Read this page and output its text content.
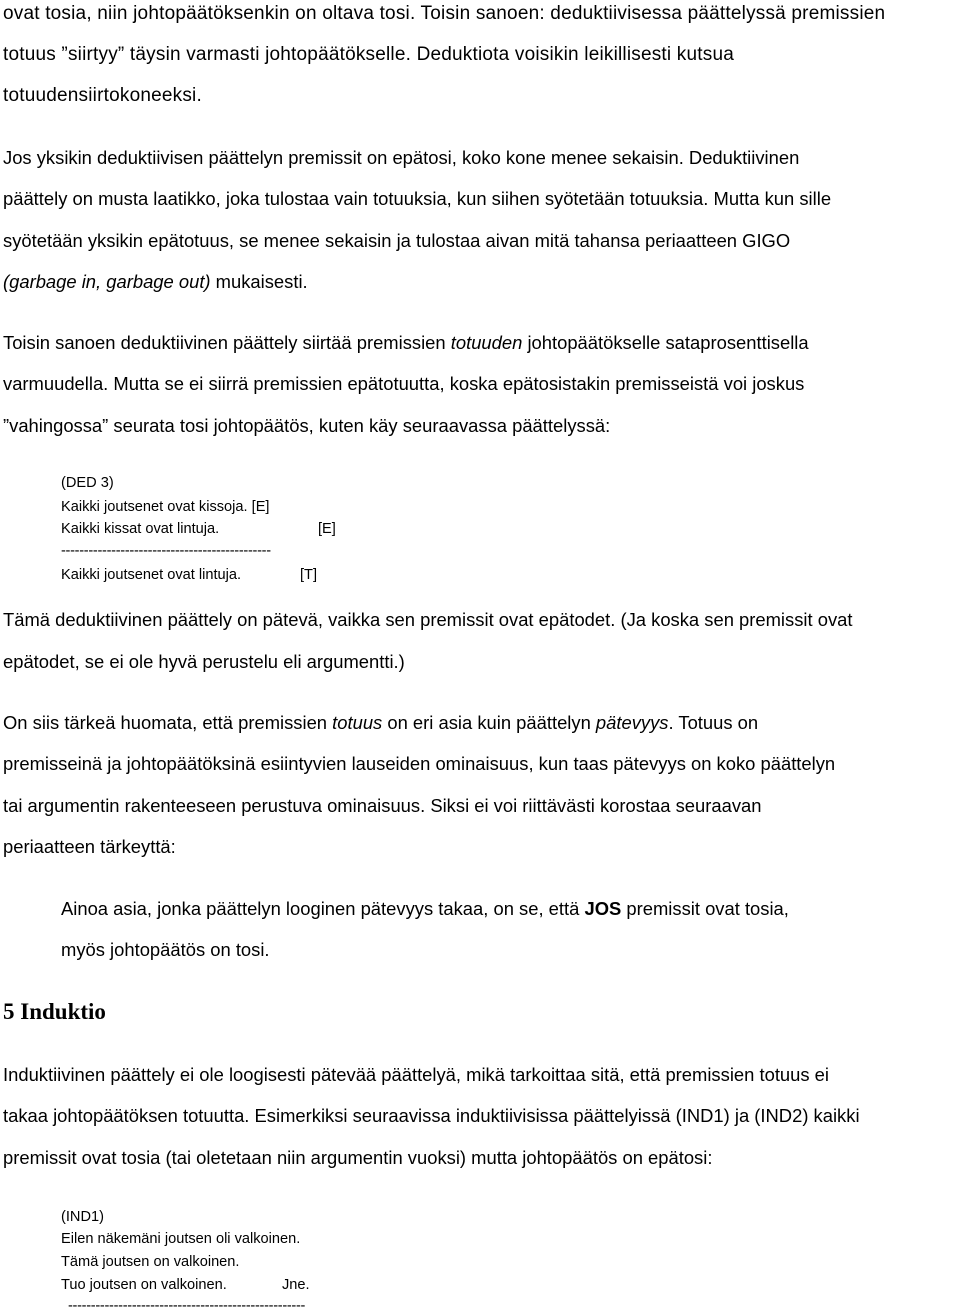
ovat tosia, niin johtopäätöksenkin on oltava tosi. Toisin sanoen: deduktiivisessa päättelyssä premissien
totuus ”siirtyy” täysin varmasti johtopäätökselle. Deduktiota voisikin leikillisesti kutsua
totuudensiirtokoneeksi.
Jos yksikin deduktiivisen päättelyn premissit on epätosi, koko kone menee sekaisin. Deduktiivinen
päättely on musta laatikko, joka tulostaa vain totuuksia, kun siihen syötetään totuuksia. Mutta kun sille
syötetään yksikin epätotuus, se menee sekaisin ja tulostaa aivan mitä tahansa periaatteen GIGO
(garbage in, garbage out) mukaisesti.
Toisin sanoen deduktiivinen päättely siirtää premissien totuuden johtopäätökselle sataprosenttisella
varmuudella. Mutta se ei siirrä premissien epätotuutta, koska epätosistakin premisseistä voi joskus
”vahingossa” seurata tosi johtopäätös, kuten käy seuraavassa päättelyssä:
(DED 3)
Kaikki joutsenet ovat kissoja. [E]
Kaikki kissat ovat lintuja.	[E]
----------------------------------------------
Kaikki joutsenet ovat lintuja.	[T]
Tämä deduktiivinen päättely on pätevä, vaikka sen premissit ovat epätodet. (Ja koska sen premissit ovat
epätodet, se ei ole hyvä perustelu eli argumentti.)
On siis tärkeä huomata, että premissien totuus on eri asia kuin päättelyn pätevyys. Totuus on
premisseinä ja johtopäätöksinä esiintyvien lauseiden ominaisuus, kun taas pätevyys on koko päättelyn
tai argumentin rakenteeseen perustuva ominaisuus. Siksi ei voi riittävästi korostaa seuraavan
periaatteen tärkeyttä:
Ainoa asia, jonka päättelyn looginen pätevyys takaa, on se, että JOS premissit ovat tosia,
myös johtopäätös on tosi.
5 Induktio
Induktiivinen päättely ei ole loogisesti pätevää päättelyä, mikä tarkoittaa sitä, että premissien totuus ei
takaa johtopäätöksen totuutta. Esimerkiksi seuraavissa induktiivisissa päättelyissä (IND1) ja (IND2) kaikki
premissit ovat tosia (tai oletetaan niin argumentin vuoksi) mutta johtopäätös on epätosi:
(IND1)
Eilen näkemäni joutsen oli valkoinen.
Tämä joutsen on valkoinen.
Tuo joutsen on valkoinen.	Jne.
----------------------------------------------------
